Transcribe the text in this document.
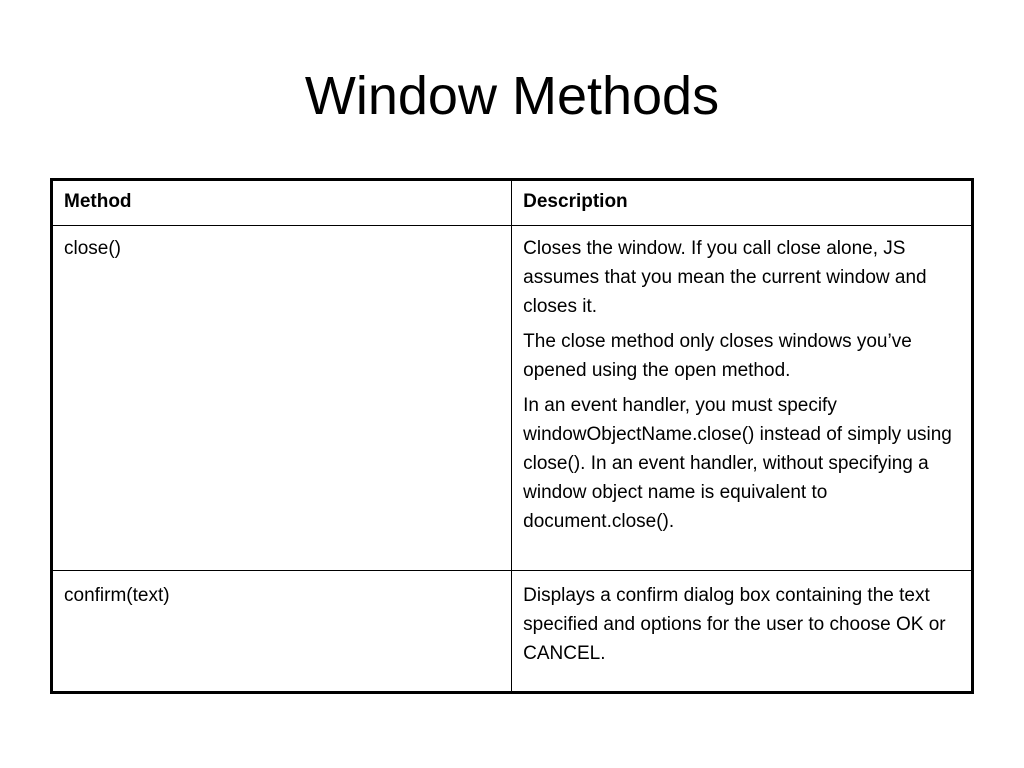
Window Methods
Method	Description
close()	Closes the window. If you call close alone, JS assumes that you mean the current window and closes it.

The close method only closes windows you’ve opened using the open method.

In an event handler, you must specify windowObjectName.close() instead of simply using close(). In an event handler, without specifying a window object name is equivalent to document.close().

confirm(text)	Displays a confirm dialog box containing the text specified and options for the user to choose OK or CANCEL.
